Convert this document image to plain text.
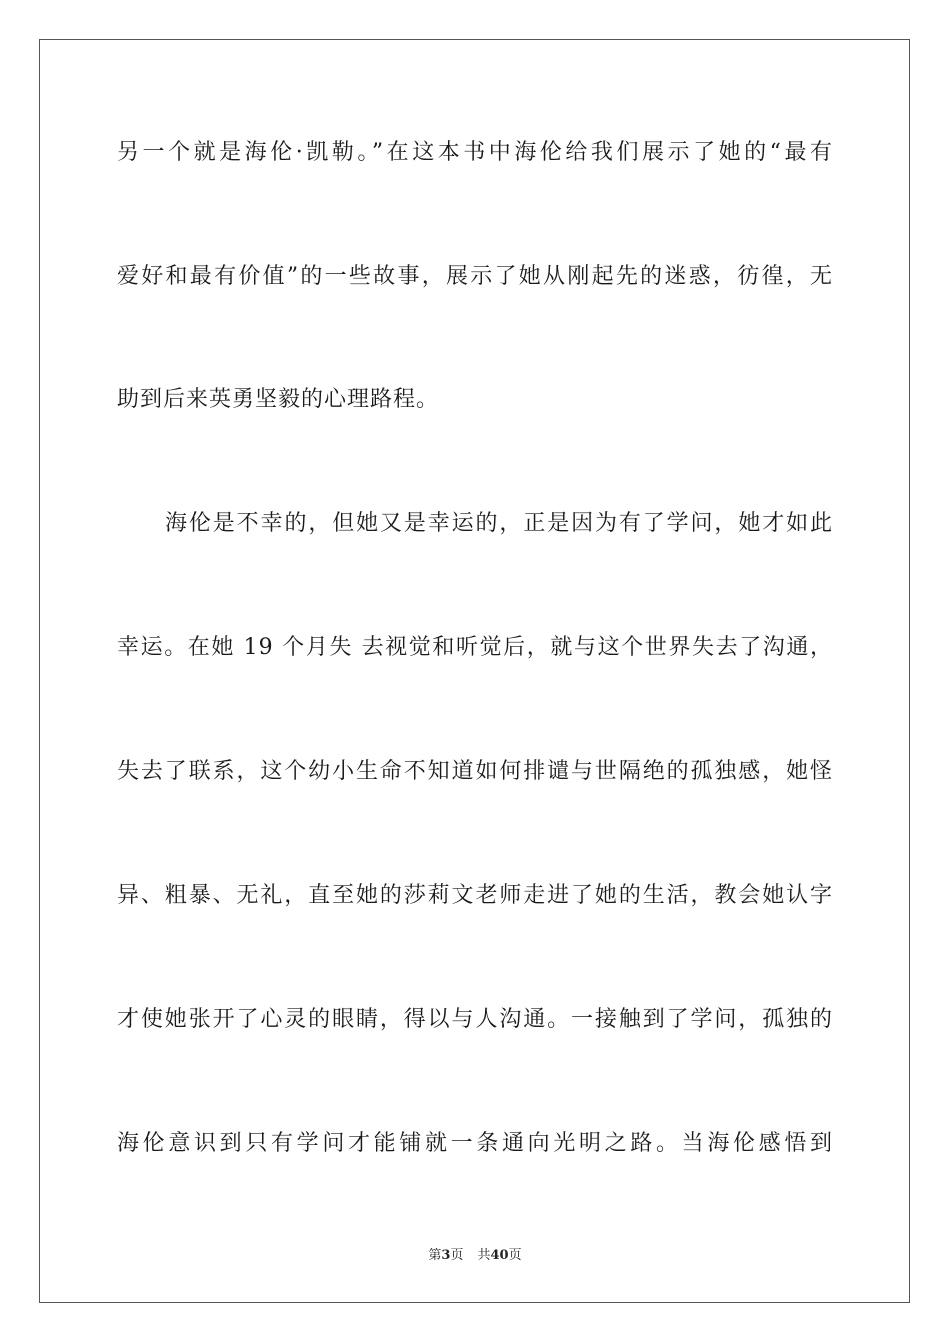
另一个就是海伦·凯勒。”在这本书中海伦给我们展示了她的“最有
爱好和最有价值”的一些故事，展示了她从刚起先的迷惑，彷徨，无
助到后来英勇坚毅的心理路程。
海伦是不幸的，但她又是幸运的，正是因为有了学问，她才如此
幸运。在她 19 个月失 去视觉和听觉后，就与这个世界失去了沟通，
失去了联系，这个幼小生命不知道如何排谴与世隔绝的孤独感，她怪
异、粗暴、无礼，直至她的莎莉文老师走进了她的生活，教会她认字
才使她张开了心灵的眼睛，得以与人沟通。一接触到了学问，孤独的
海伦意识到只有学问才能铺就一条通向光明之路。当海伦感悟到
第3页 共40页
